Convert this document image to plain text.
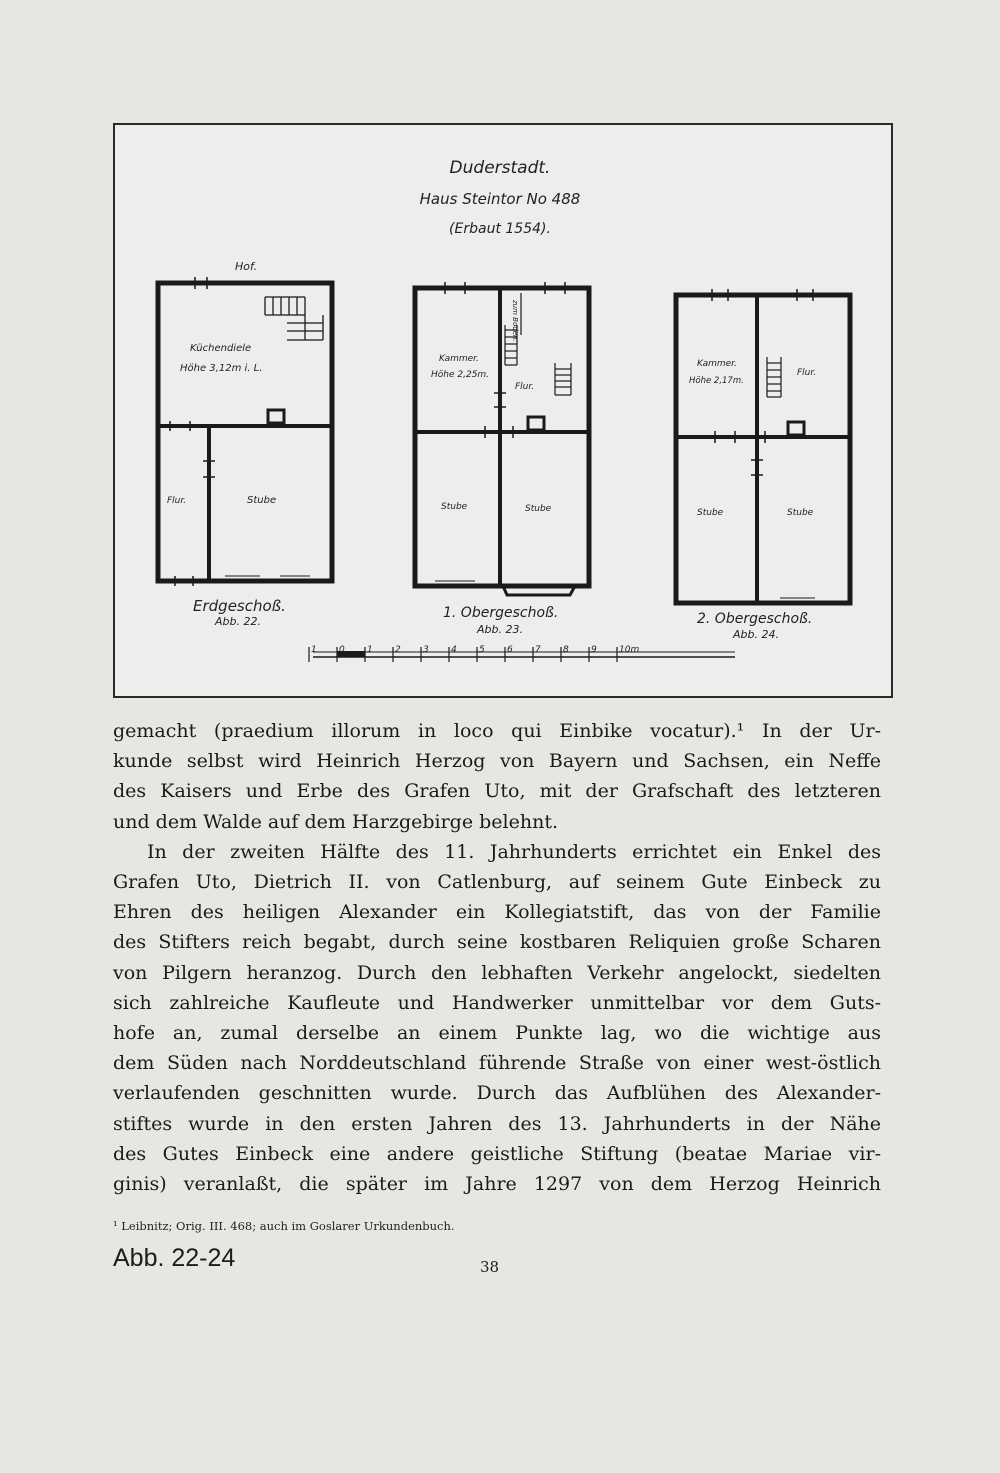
Duderstadt.
Haus Steintor No 488
(Erbaut 1554).
Hof.
Küchendiele
Höhe 3,12m i. L.
Flur.	Stube
Erdgeschoß.
Abb. 22.
Kammer.
Höhe 2,25m.
zum Boden.
Flur.
Stube	Stube
1. Obergeschoß.
Abb. 23.
Kammer.
Höhe 2,17m.
Flur.
Stube	Stube
2. Obergeschoß.
Abb. 24.
1 0 1 2 3 4 5 6 7 8 9 10m
gemacht (praedium illorum in loco qui Einbike vocatur).¹ In der Ur-
kunde selbst wird Heinrich Herzog von Bayern und Sachsen, ein Neffe
des Kaisers und Erbe des Grafen Uto, mit der Grafschaft des letzteren
und dem Walde auf dem Harzgebirge belehnt.
In der zweiten Hälfte des 11. Jahrhunderts errichtet ein Enkel des
Grafen Uto, Dietrich II. von Catlenburg, auf seinem Gute Einbeck zu
Ehren des heiligen Alexander ein Kollegiatstift, das von der Familie
des Stifters reich begabt, durch seine kostbaren Reliquien große Scharen
von Pilgern heranzog. Durch den lebhaften Verkehr angelockt, siedelten
sich zahlreiche Kaufleute und Handwerker unmittelbar vor dem Guts-
hofe an, zumal derselbe an einem Punkte lag, wo die wichtige aus
dem Süden nach Norddeutschland führende Straße von einer west-östlich
verlaufenden geschnitten wurde. Durch das Aufblühen des Alexander-
stiftes wurde in den ersten Jahren des 13. Jahrhunderts in der Nähe
des Gutes Einbeck eine andere geistliche Stiftung (beatae Mariae vir-
ginis) veranlaßt, die später im Jahre 1297 von dem Herzog Heinrich
¹ Leibnitz; Orig. III. 468; auch im Goslarer Urkundenbuch.
Abb. 22-24	38
